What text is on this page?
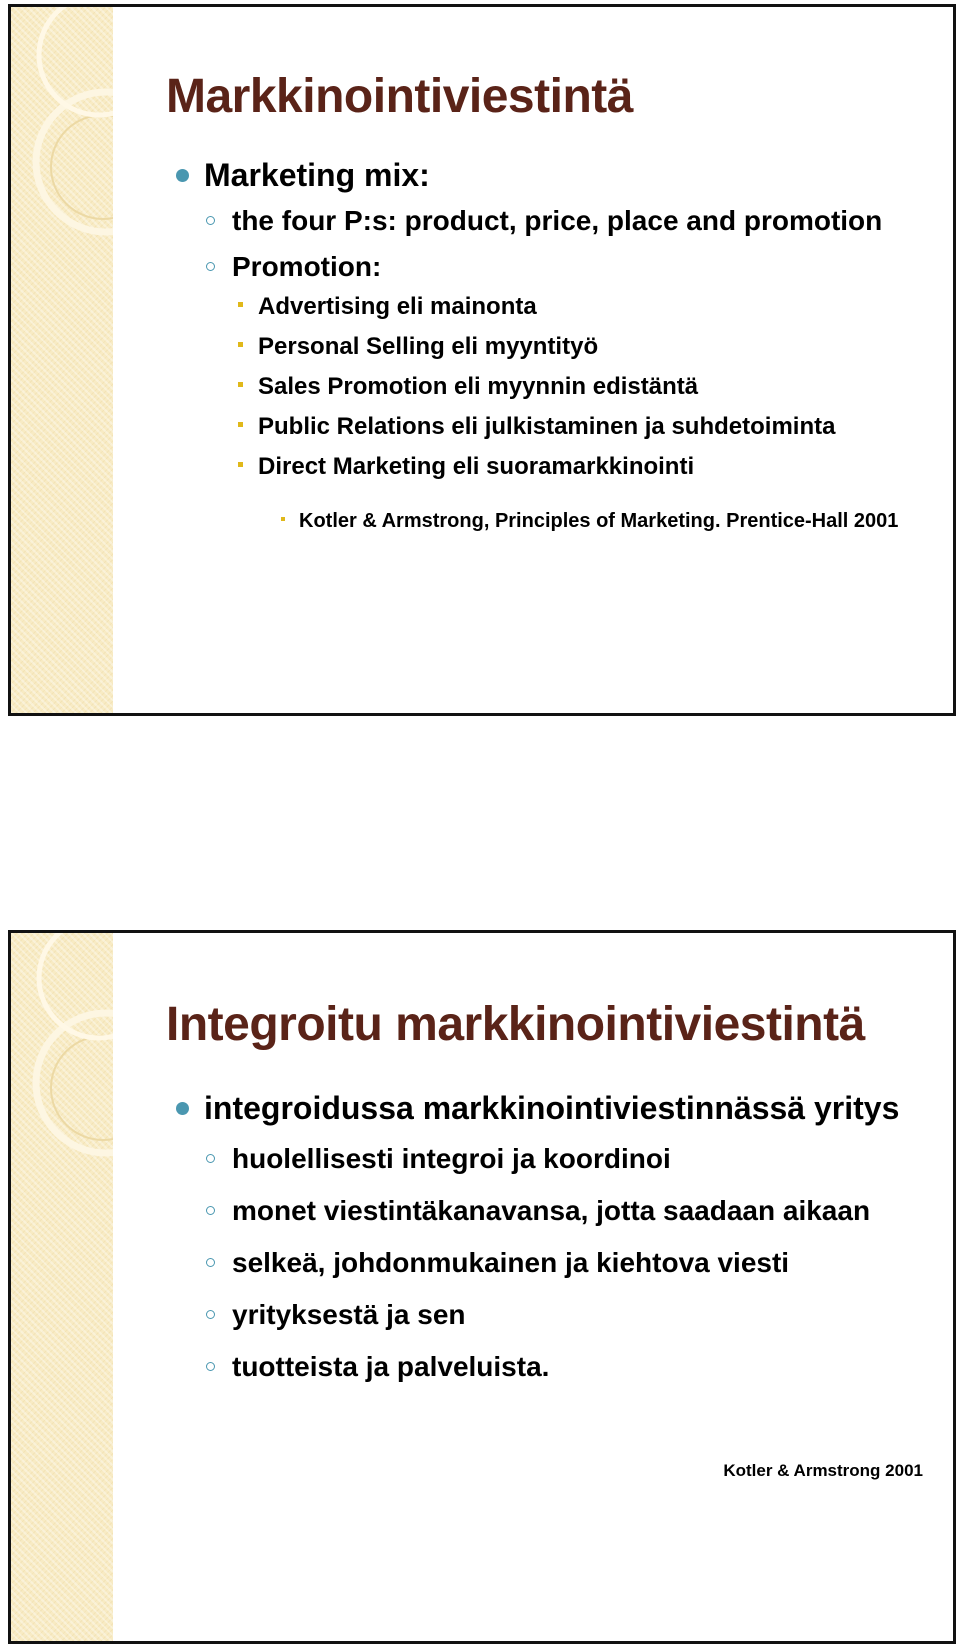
Markkinointiviestintä
Marketing mix:
the four P:s: product, price, place and promotion
Promotion:
Advertising eli mainonta
Personal Selling eli myyntityö
Sales Promotion eli myynnin edistäntä
Public Relations eli julkistaminen ja suhdetoiminta
Direct Marketing eli suoramarkkinointi
Kotler & Armstrong, Principles of Marketing. Prentice-Hall 2001
Integroitu markkinointiviestintä
integroidussa markkinointiviestinnässä yritys
huolellisesti integroi ja koordinoi
monet viestintäkanavansa, jotta saadaan aikaan
selkeä, johdonmukainen ja kiehtova viesti
yrityksestä ja sen
tuotteista ja palveluista.
Kotler & Armstrong 2001
